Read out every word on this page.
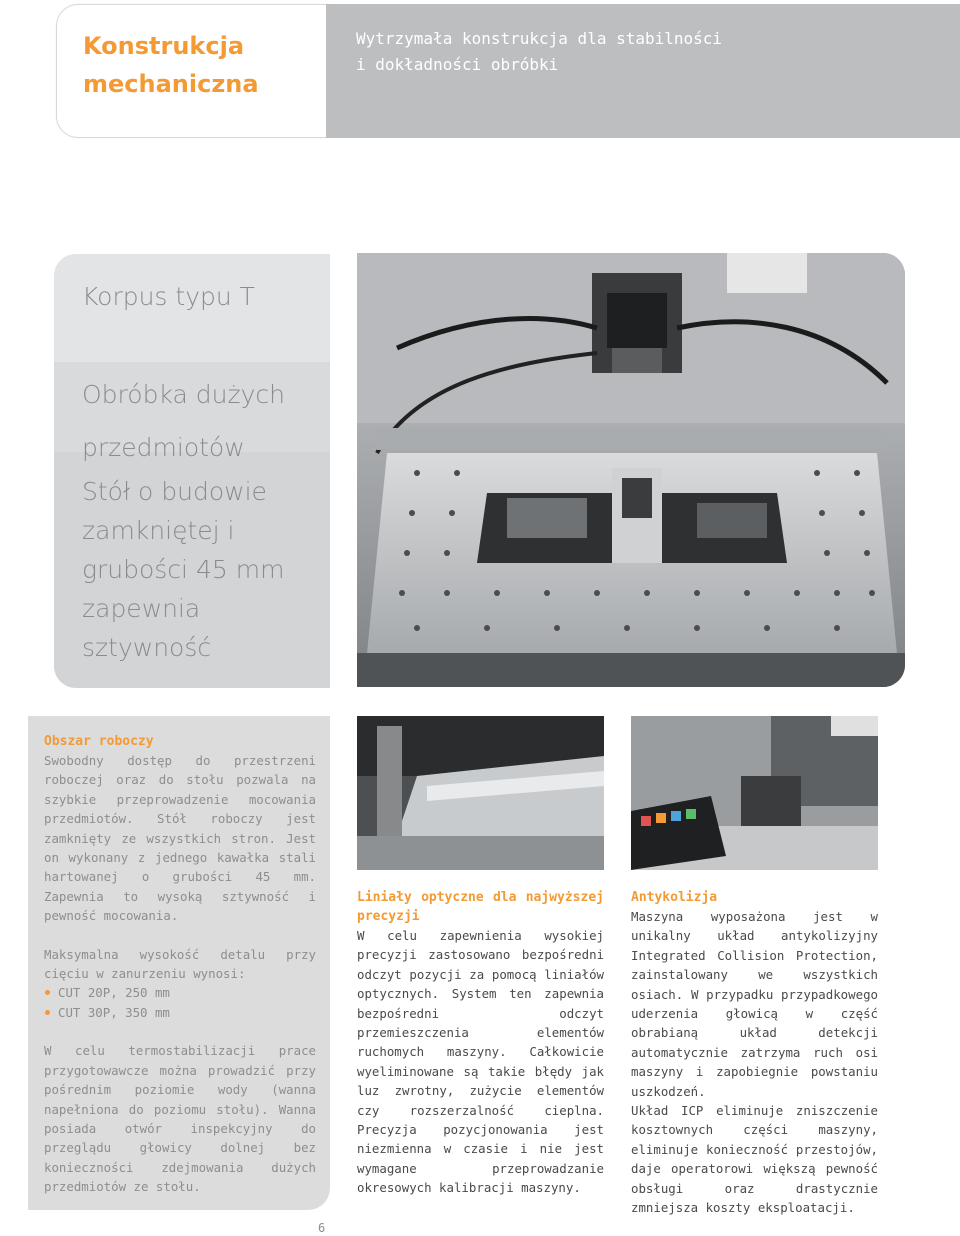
Konstrukcja
mechaniczna
Wytrzymała konstrukcja dla stabilności
i dokładności obróbki
Korpus typu T
Obróbka dużych przedmiotów
Stół o budowie zamkniętej i grubości 45 mm zapewnia sztywność
Obszar roboczy

Swobodny dostęp do przestrzeni roboczej oraz do stołu pozwala na szybkie przeprowadzenie mocowania przedmiotów. Stół roboczy jest zamknięty ze wszystkich stron. Jest on wykonany z jednego kawałka stali hartowanej o grubości 45 mm. Zapewnia to wysoką sztywność i pewność mocowania.

Maksymalna wysokość detalu przy cięciu w zanurzeniu wynosi:

CUT 20P, 250 mm
CUT 30P, 350 mm

W celu termostabilizacji prace przygotowawcze można prowadzić przy pośrednim poziomie wody (wanna napełniona do poziomu stołu). Wanna posiada otwór inspekcyjny do przeglądu głowicy dolnej bez konieczności zdejmowania dużych przedmiotów ze stołu.

Liniały optyczne dla najwyższej precyzji

W celu zapewnienia wysokiej precyzji zastosowano bezpośredni odczyt pozycji za pomocą liniałów optycznych. System ten zapewnia bezpośredni odczyt przemieszczenia elementów ruchomych maszyny. Całkowicie wyeliminowane są takie błędy jak luz zwrotny, zużycie elementów czy rozszerzalność cieplna. Precyzja pozycjonowania jest niezmienna w czasie i nie jest wymagane przeprowadzanie okresowych kalibracji maszyny.

Antykolizja

Maszyna wyposażona jest w unikalny układ antykolizyjny Integrated Collision Protection, zainstalowany we wszystkich osiach. W przypadku przypadkowego uderzenia głowicą w część obrabianą układ detekcji automatycznie zatrzyma ruch osi maszyny i zapobiegnie powstaniu uszkodzeń.

Układ ICP eliminuje zniszczenie kosztownych części maszyny, eliminuje konieczność przestojów, daje operatorowi większą pewność obsługi oraz drastycznie zmniejsza koszty eksploatacji.

6
